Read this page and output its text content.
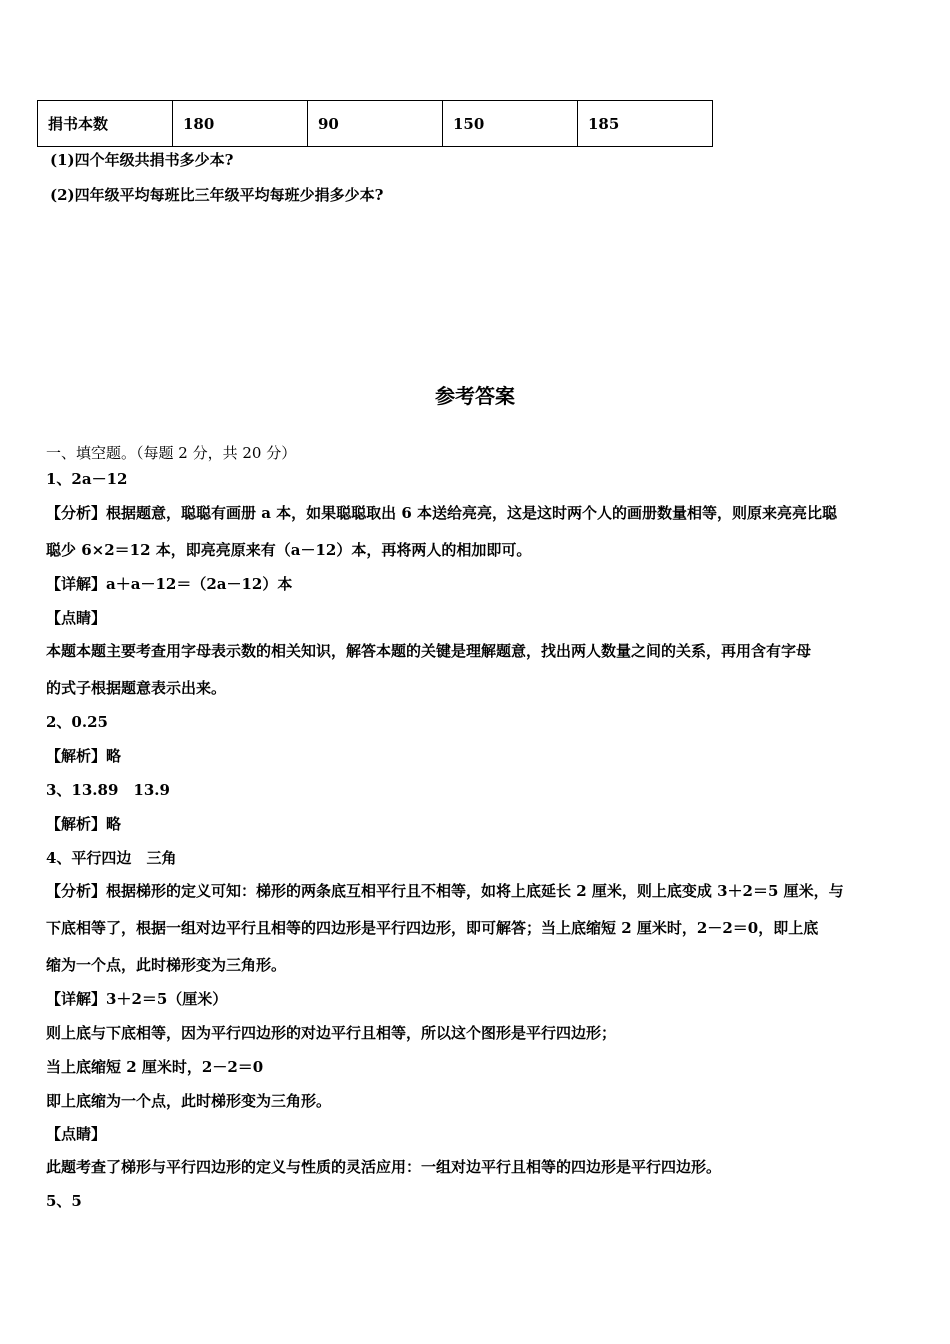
捐书本数	180	90	150	185
(1)四个年级共捐书多少本?
(2)四年级平均每班比三年级平均每班少捐多少本?
参考答案
一、填空题。（每题 2 分，共 20 分）
1、2a－12
【分析】根据题意，聪聪有画册 a 本，如果聪聪取出 6 本送给亮亮，这是这时两个人的画册数量相等，则原来亮亮比聪
聪少 6×2＝12 本，即亮亮原来有（a－12）本，再将两人的相加即可。
【详解】a＋a－12＝（2a－12）本
【点睛】
本题本题主要考查用字母表示数的相关知识，解答本题的关键是理解题意，找出两人数量之间的关系，再用含有字母
的式子根据题意表示出来。
2、0.25
【解析】略
3、13.89　13.9
【解析】略
4、平行四边　三角
【分析】根据梯形的定义可知：梯形的两条底互相平行且不相等，如将上底延长 2 厘米，则上底变成 3＋2＝5 厘米，与
下底相等了，根据一组对边平行且相等的四边形是平行四边形，即可解答；当上底缩短 2 厘米时，2－2＝0，即上底
缩为一个点，此时梯形变为三角形。
【详解】3＋2＝5（厘米）
则上底与下底相等，因为平行四边形的对边平行且相等，所以这个图形是平行四边形；
当上底缩短 2 厘米时，2－2＝0
即上底缩为一个点，此时梯形变为三角形。
【点睛】
此题考查了梯形与平行四边形的定义与性质的灵活应用：一组对边平行且相等的四边形是平行四边形。
5、5
